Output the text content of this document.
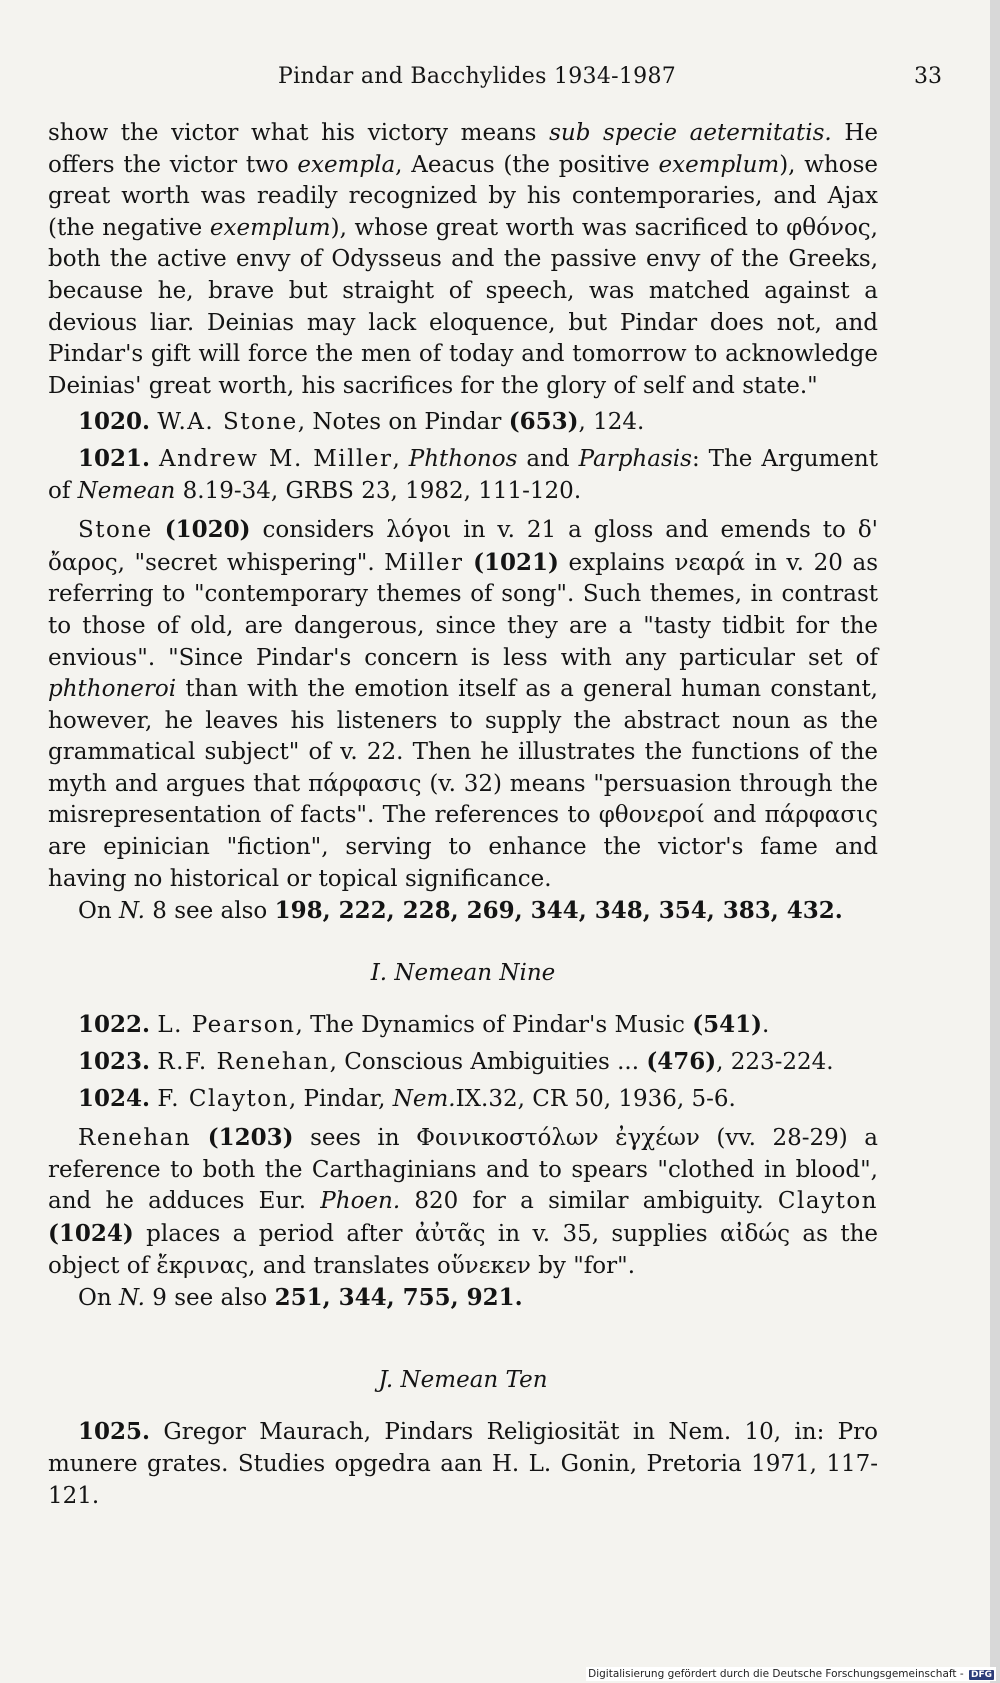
Pindar and Bacchylides 1934-1987	33

show the victor what his victory means sub specie aeternitatis. He offers the victor two exempla, Aeacus (the positive exemplum), whose great worth was readily recognized by his contemporaries, and Ajax (the negative exemplum), whose great worth was sacrificed to φθόνος, both the active envy of Odysseus and the passive envy of the Greeks, because he, brave but straight of speech, was matched against a devious liar. Deinias may lack eloquence, but Pindar does not, and Pindar's gift will force the men of today and tomorrow to acknowledge Deinias' great worth, his sacrifices for the glory of self and state."

1020. W.A. Stone, Notes on Pindar (653), 124.

1021. Andrew M. Miller, Phthonos and Parphasis: The Argument of Nemean 8.19-34, GRBS 23, 1982, 111-120.

Stone (1020) considers λόγοι in v. 21 a gloss and emends to δ' ὄαρος, "secret whispering". Miller (1021) explains νεαρά in v. 20 as referring to "contemporary themes of song". Such themes, in contrast to those of old, are dangerous, since they are a "tasty tidbit for the envious". "Since Pindar's concern is less with any particular set of phthoneroi than with the emotion itself as a general human constant, however, he leaves his listeners to supply the abstract noun as the grammatical subject" of v. 22. Then he illustrates the functions of the myth and argues that πάρφασις (v. 32) means "persuasion through the misrepresentation of facts". The references to φθονεροί and πάρφασις are epinician "fiction", serving to enhance the victor's fame and having no historical or topical significance.

On N. 8 see also 198, 222, 228, 269, 344, 348, 354, 383, 432.

I. Nemean Nine

1022. L. Pearson, The Dynamics of Pindar's Music (541).

1023. R.F. Renehan, Conscious Ambiguities ... (476), 223-224.

1024. F. Clayton, Pindar, Nem.IX.32, CR 50, 1936, 5-6.

Renehan (1203) sees in Φοινικοστόλων ἐγχέων (vv. 28-29) a reference to both the Carthaginians and to spears "clothed in blood", and he adduces Eur. Phoen. 820 for a similar ambiguity. Clayton (1024) places a period after ἀὐτᾶς in v. 35, supplies αἰδώς as the object of ἔκρινας, and translates οὕνεκεν by "for".

On N. 9 see also 251, 344, 755, 921.

J. Nemean Ten

1025. Gregor Maurach, Pindars Religiosität in Nem. 10, in: Pro munere grates. Studies opgedra aan H. L. Gonin, Pretoria 1971, 117-121.

Digitalisierung gefördert durch die Deutsche Forschungsgemeinschaft - DFG
